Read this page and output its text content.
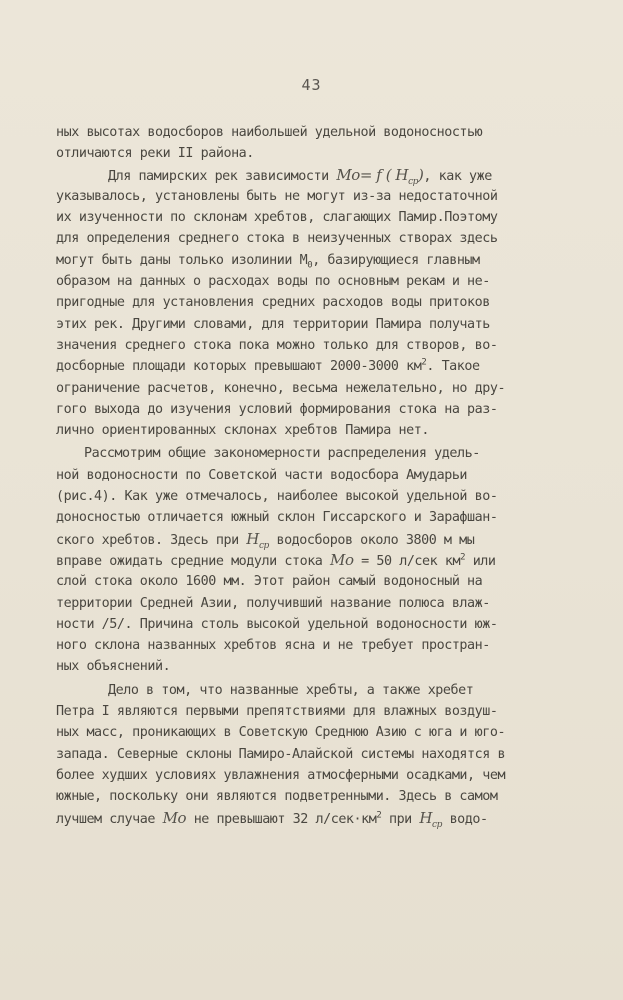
43
ных высотах водосборов наибольшей удельной водоносностью
отличаются реки II района.
Для памирских рек зависимости Mo= f ( $H_{cp}$), как уже
указывалось, установлены быть не могут из-за недостаточной
их изученности по склонам хребтов, слагающих Памир.Поэтому
для определения среднего стока в неизученных створах здесь
могут быть даны только изолинии $M_0$, базирующиеся главным
образом на данных о расходах воды по основным рекам и не-
пригодные для установления средних расходов воды притоков
этих рек. Другими словами, для территории Памира получать
значения среднего стока пока можно только для створов, во-
досборные площади которых превышают 2000-3000 $км^2$. Такое
ограничение расчетов, конечно, весьма нежелательно, но дру-
гого выхода до изучения условий формирования стока на раз-
лично ориентированных склонах хребтов Памира нет.
Рассмотрим общие закономерности распределения удель-
ной водоносности по Советской части водосбора Амударьи
(рис.4). Как уже отмечалось, наиболее высокой удельной во-
доносностью отличается южный склон Гиссарского и Зарафшан-
ского хребтов. Здесь при $H_{cp}$ водосборов около 3800 м мы
вправе ожидать средние модули стока Mo = 50 л/сек $км^2$ или
слой стока около 1600 мм. Этот район самый водоносный на
территории Средней Азии, получивший название полюса влаж-
ности /5/. Причина столь высокой удельной водоносности юж-
ного склона названных хребтов ясна и не требует простран-
ных объяснений.
Дело в том, что названные хребты, а также хребет
Петра I являются первыми препятствиями для влажных воздуш-
ных масс, проникающих в Советскую Среднюю Азию с юга и юго-
запада. Северные склоны Памиро-Алайской системы находятся в
более худших условиях увлажнения атмосферными осадками, чем
южные, поскольку они являются подветренными. Здесь в самом
лучшем случае Mo не превышают 32 $л/сек\cdot км^2$ при $H_{cp}$ водо-
